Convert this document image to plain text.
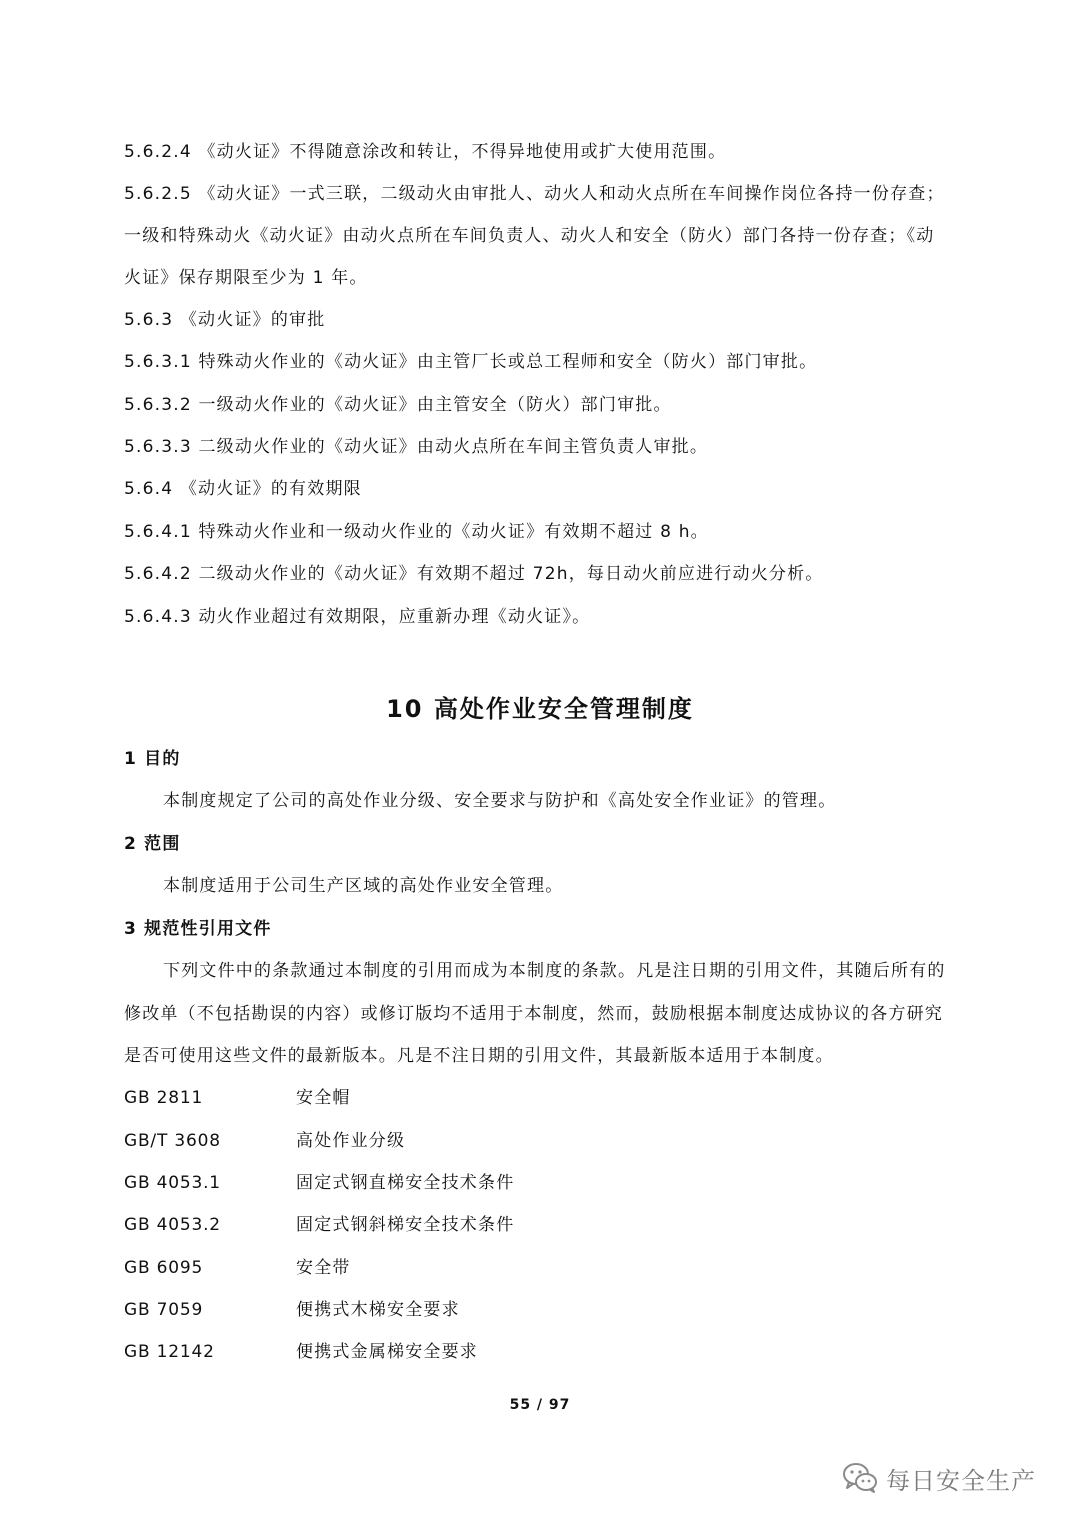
5.6.2.4 《动火证》不得随意涂改和转让，不得异地使用或扩大使用范围。
5.6.2.5 《动火证》一式三联，二级动火由审批人、动火人和动火点所在车间操作岗位各持一份存查；
一级和特殊动火《动火证》由动火点所在车间负责人、动火人和安全（防火）部门各持一份存查；《动
火证》保存期限至少为 1 年。
5.6.3 《动火证》的审批
5.6.3.1 特殊动火作业的《动火证》由主管厂长或总工程师和安全（防火）部门审批。
5.6.3.2 一级动火作业的《动火证》由主管安全（防火）部门审批。
5.6.3.3 二级动火作业的《动火证》由动火点所在车间主管负责人审批。
5.6.4 《动火证》的有效期限
5.6.4.1 特殊动火作业和一级动火作业的《动火证》有效期不超过 8 h。
5.6.4.2 二级动火作业的《动火证》有效期不超过 72h，每日动火前应进行动火分析。
5.6.4.3 动火作业超过有效期限，应重新办理《动火证》。
10 高处作业安全管理制度
1 目的
本制度规定了公司的高处作业分级、安全要求与防护和《高处安全作业证》的管理。
2 范围
本制度适用于公司生产区域的高处作业安全管理。
3 规范性引用文件
下列文件中的条款通过本制度的引用而成为本制度的条款。凡是注日期的引用文件，其随后所有的
修改单（不包括勘误的内容）或修订版均不适用于本制度，然而，鼓励根据本制度达成协议的各方研究
是否可使用这些文件的最新版本。凡是不注日期的引用文件，其最新版本适用于本制度。
GB 2811	安全帽
GB/T 3608	高处作业分级
GB 4053.1	固定式钢直梯安全技术条件
GB 4053.2	固定式钢斜梯安全技术条件
GB 6095	安全带
GB 7059	便携式木梯安全要求
GB 12142	便携式金属梯安全要求
55 / 97
每日安全生产
